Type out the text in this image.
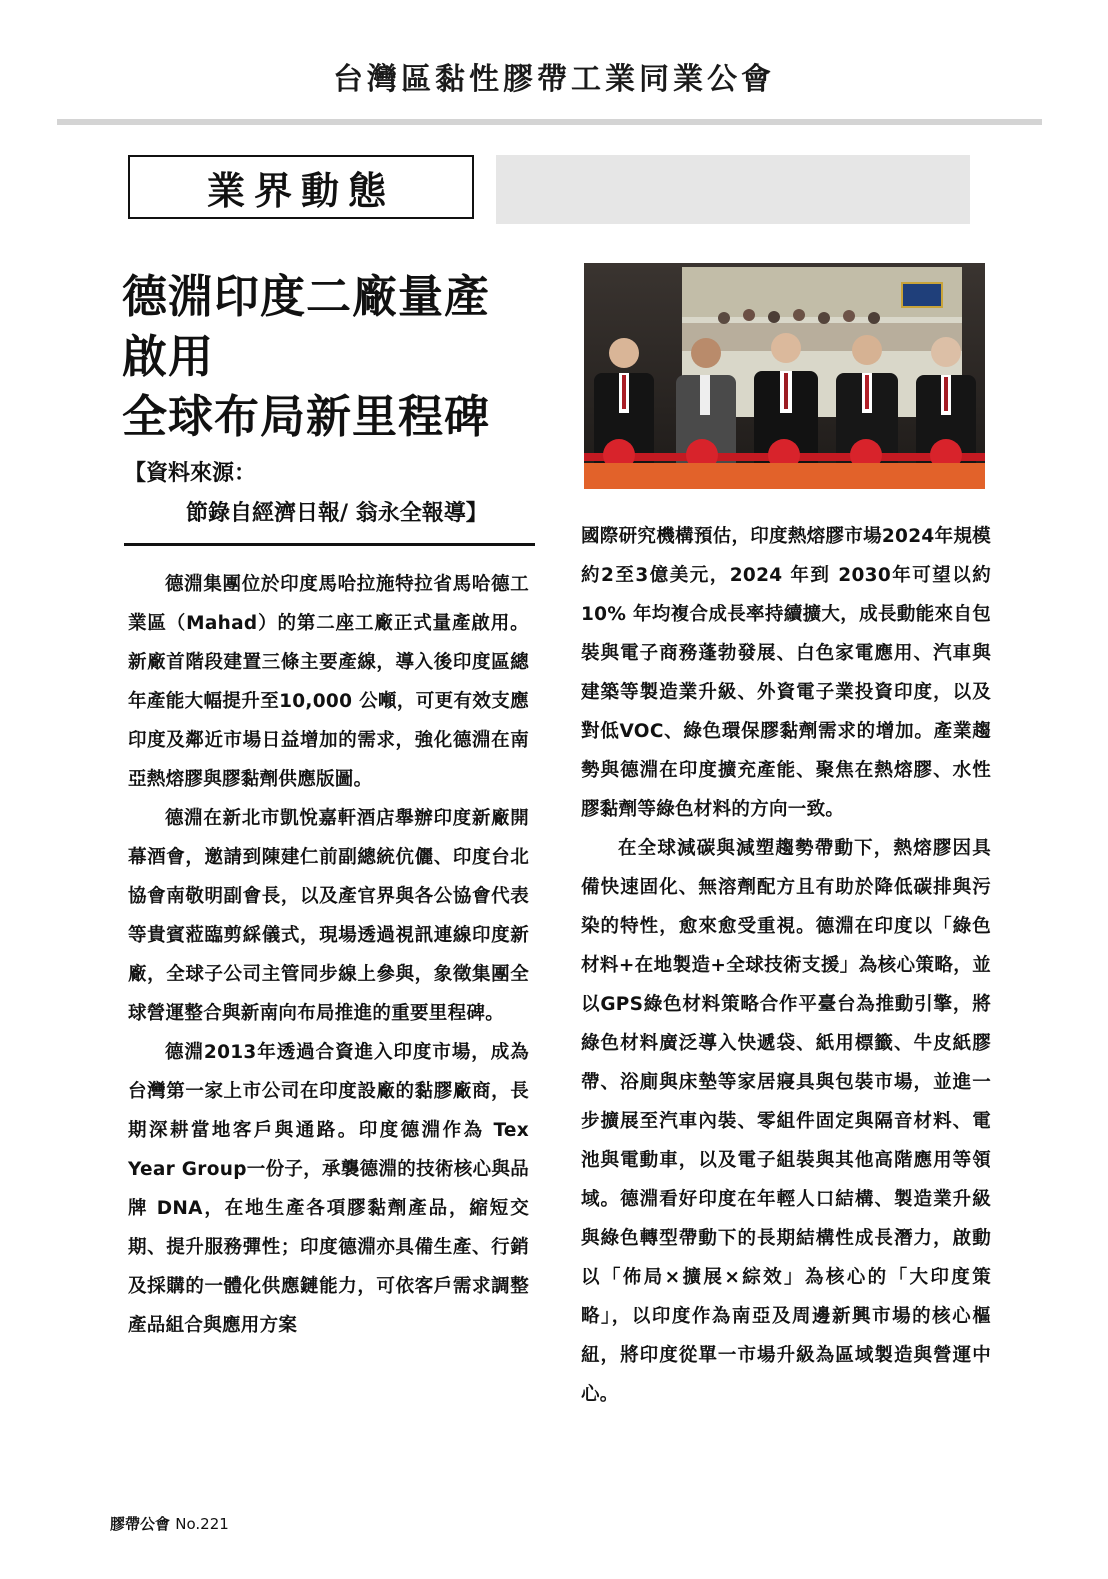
台灣區黏性膠帶工業同業公會
業界動態
德淵印度二廠量產
啟用
全球布局新里程碑
【資料來源：
節錄自經濟日報/ 翁永全報導】

德淵集團位於印度馬哈拉施特拉省馬哈德工業區（Mahad）的第二座工廠正式量產啟用。新廠首階段建置三條主要產線，導入後印度區總年產能大幅提升至10,000 公噸，可更有效支應印度及鄰近市場日益增加的需求，強化德淵在南亞熱熔膠與膠黏劑供應版圖。

德淵在新北市凱悅嘉軒酒店舉辦印度新廠開幕酒會，邀請到陳建仁前副總統伉儷、印度台北協會南敬明副會長，以及產官界與各公協會代表等貴賓蒞臨剪綵儀式，現場透過視訊連線印度新廠，全球子公司主管同步線上參與，象徵集團全球營運整合與新南向布局推進的重要里程碑。

德淵2013年透過合資進入印度市場，成為台灣第一家上市公司在印度設廠的黏膠廠商，長期深耕當地客戶與通路。印度德淵作為 Tex Year Group一份子，承襲德淵的技術核心與品牌 DNA，在地生產各項膠黏劑產品，縮短交期、提升服務彈性；印度德淵亦具備生產、行銷及採購的一體化供應鏈能力，可依客戶需求調整產品組合與應用方案

國際研究機構預估，印度熱熔膠市場2024年規模約2至3億美元，2024 年到 2030年可望以約10% 年均複合成長率持續擴大，成長動能來自包裝與電子商務蓬勃發展、白色家電應用、汽車與建築等製造業升級、外資電子業投資印度，以及對低VOC、綠色環保膠黏劑需求的增加。產業趨勢與德淵在印度擴充產能、聚焦在熱熔膠、水性膠黏劑等綠色材料的方向一致。

在全球減碳與減塑趨勢帶動下，熱熔膠因具備快速固化、無溶劑配方且有助於降低碳排與污染的特性，愈來愈受重視。德淵在印度以「綠色材料+在地製造+全球技術支援」為核心策略，並以GPS綠色材料策略合作平臺台為推動引擎，將綠色材料廣泛導入快遞袋、紙用標籤、牛皮紙膠帶、浴廁與床墊等家居寢具與包裝市場，並進一步擴展至汽車內裝、零組件固定與隔音材料、電池與電動車，以及電子組裝與其他高階應用等領域。德淵看好印度在年輕人口結構、製造業升級與綠色轉型帶動下的長期結構性成長潛力，啟動以「佈局×擴展×綜效」為核心的「大印度策略」，以印度作為南亞及周邊新興市場的核心樞紐，將印度從單一市場升級為區域製造與營運中心。

膠帶公會 No.221
